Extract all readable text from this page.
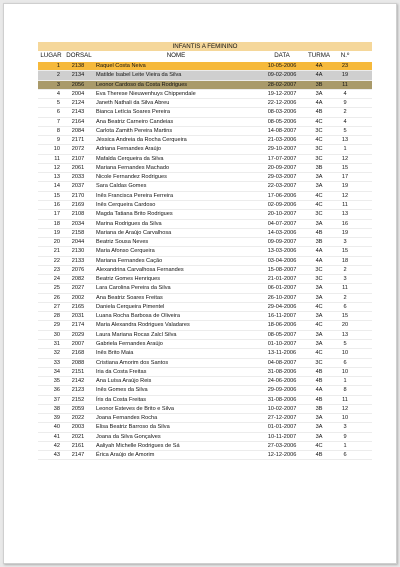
INFANTIS A FEMININO
LUGAR DORSAL	NOME	DATA	TURMA	N.º
1	2138	Raquel Costa Neiva	10-05-2006	4A	23
2	2134	Matilde Isabel Leite Vieira da Silva	09-02-2006	4A	19
3	2056	Leonor Cardoso da Costa Rodrigues	28-02-2007	3B	11
4	2004	Eva Therese Nieuwenhuys Chippendale	19-12-2007	3A	4
5	2124	Janeth Nathali da Silva Abreu	22-12-2006	4A	9
6	2143	Bianca Letícia Soares Pereira	08-03-2006	4B	2
7	2164	Ana Beatriz Carneiro Candeias	08-05-2006	4C	4
8	2084	Carlota Zamith Pereira Martins	14-08-2007	3C	5
9	2171	Jéssica Andreia da Rocha Cerqueira	21-03-2006	4C	13
10	2072	Adriana Fernandes Araújo	29-10-2007	3C	1
11	2107	Mafalda Cerqueira da Silva	17-07-2007	3C	12
12	2061	Mariana Fernandes Machado	20-09-2007	3B	15
13	2033	Nicole Fernandez Rodrigues	29-03-2007	3A	17
14	2037	Sara Caldas Gomes	22-03-2007	3A	19
15	2170	Inês Francisca Pereira Ferreira	17-06-2006	4C	12
16	2169	Inês Cerqueira Cardoso	02-09-2006	4C	11
17	2108	Magda Tatiana Brito Rodrigues	20-10-2007	3C	13
18	2034	Marina Rodrigues da Silva	04-07-2007	3A	16
19	2158	Mariana de Araújo Carvalhosa	14-03-2006	4B	19
20	2044	Beatriz Sousa Neves	09-09-2007	3B	3
21	2130	Maria Afonso Cerqueira	13-03-2006	4A	15
22	2133	Mariana Fernandes Cação	03-04-2006	4A	18
23	2076	Alexandrina Carvalhosa Fernandes	15-08-2007	3C	2
24	2082	Beatriz Gomes Henriques	21-01-2007	3C	3
25	2027	Lara Carolina Pereira da Silva	06-01-2007	3A	11
26	2002	Ana Beatriz Soares Freitas	26-10-2007	3A	2
27	2165	Daniela Cerqueira Pimentel	29-04-2006	4C	6
28	2031	Luana Rocha Barbosa de Oliveira	16-11-2007	3A	15
29	2174	Maria Alexandra Rodrigues Valadares	18-06-2006	4C	20
30	2029	Laura Mariana Rocas Zalcl Silva	08-05-2007	3A	13
31	2007	Gabriela Fernandes Araújo	01-10-2007	3A	5
32	2168	Inês Brito Maia	13-11-2006	4C	10
33	2088	Cristiana Amorim dos Santos	04-08-2007	3C	6
34	2151	Iria da Costa Freitas	31-08-2006	4B	10
35	2142	Ana Luísa Araújo Reis	24-06-2006	4B	1
36	2123	Inês Gomes da Silva	29-09-2006	4A	8
37	2152	Íris da Costa Freitas	31-08-2006	4B	11
38	2059	Leonor Esteves de Brito e Silva	10-02-2007	3B	12
39	2022	Joana Fernandes Rocha	27-12-2007	3A	10
40	2003	Elisa Beatriz Barroso da Silva	01-01-2007	3A	3
41	2021	Joana da Silva Gonçalves	10-11-2007	3A	9
42	2161	Aaliyah Michelle Rodrigues de Sá	27-03-2006	4C	1
43	2147	Érica Araújo de Amorim	12-12-2006	4B	6
